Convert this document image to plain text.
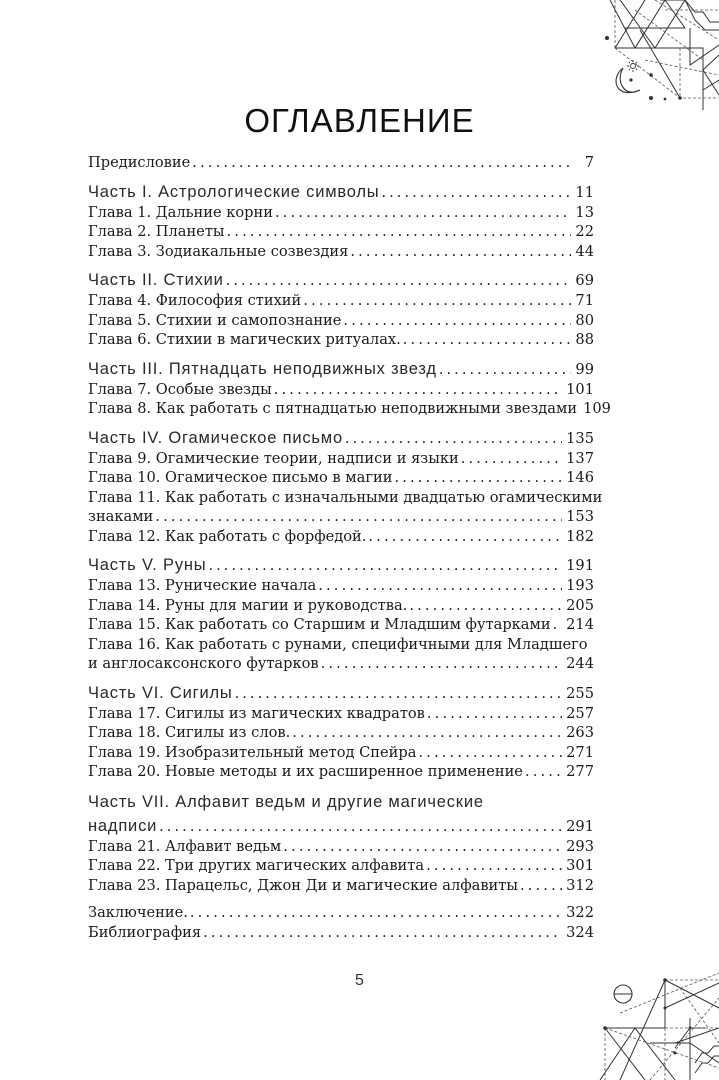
ОГЛАВЛЕНИЕ
Предисловие . . .	7
Часть I. Астрологические символы . . .	11
Глава 1. Дальние корни . . .	13
Глава 2. Планеты . . .	22
Глава 3. Зодиакальные созвездия . . .	44
Часть II. Стихии . . .	69
Глава 4. Философия стихий . . .	71
Глава 5. Стихии и самопознание . . .	80
Глава 6. Стихии в магических ритуалах. . . .	88
Часть III. Пятнадцать неподвижных звезд . . .	99
Глава 7. Особые звезды . . .	101
Глава 8. Как работать с пятнадцатью неподвижными звездами 109
Часть IV. Огамическое письмо . . .	135
Глава 9. Огамические теории, надписи и языки . . .	137
Глава 10. Огамическое письмо в магии . . .	146
Глава 11. Как работать с изначальными двадцатью огамическими
знаками . . .	153
Глава 12. Как работать с форфедой. . . .	182
Часть V. Руны . . .	191
Глава 13. Рунические начала . . .	193
Глава 14. Руны для магии и руководства. . . .	205
Глава 15. Как работать со Старшим и Младшим футарками . . . 214
Глава 16. Как работать с рунами, специфичными для Младшего
и англосаксонского футарков . . .	244
Часть VI. Сигилы . . .	255
Глава 17. Сигилы из магических квадратов . . .	257
Глава 18. Сигилы из слов. . . .	263
Глава 19. Изобразительный метод Спейра . . .	271
Глава 20. Новые методы и их расширенное применение . . .	277
Часть VII. Алфавит ведьм и другие магические
надписи . . .	291
Глава 21. Алфавит ведьм . . .	293
Глава 22. Три других магических алфавита . . .	301
Глава 23. Парацельс, Джон Ди и магические алфавиты . . .	312
Заключение. . . .	322
Библиография . . .	324
5
